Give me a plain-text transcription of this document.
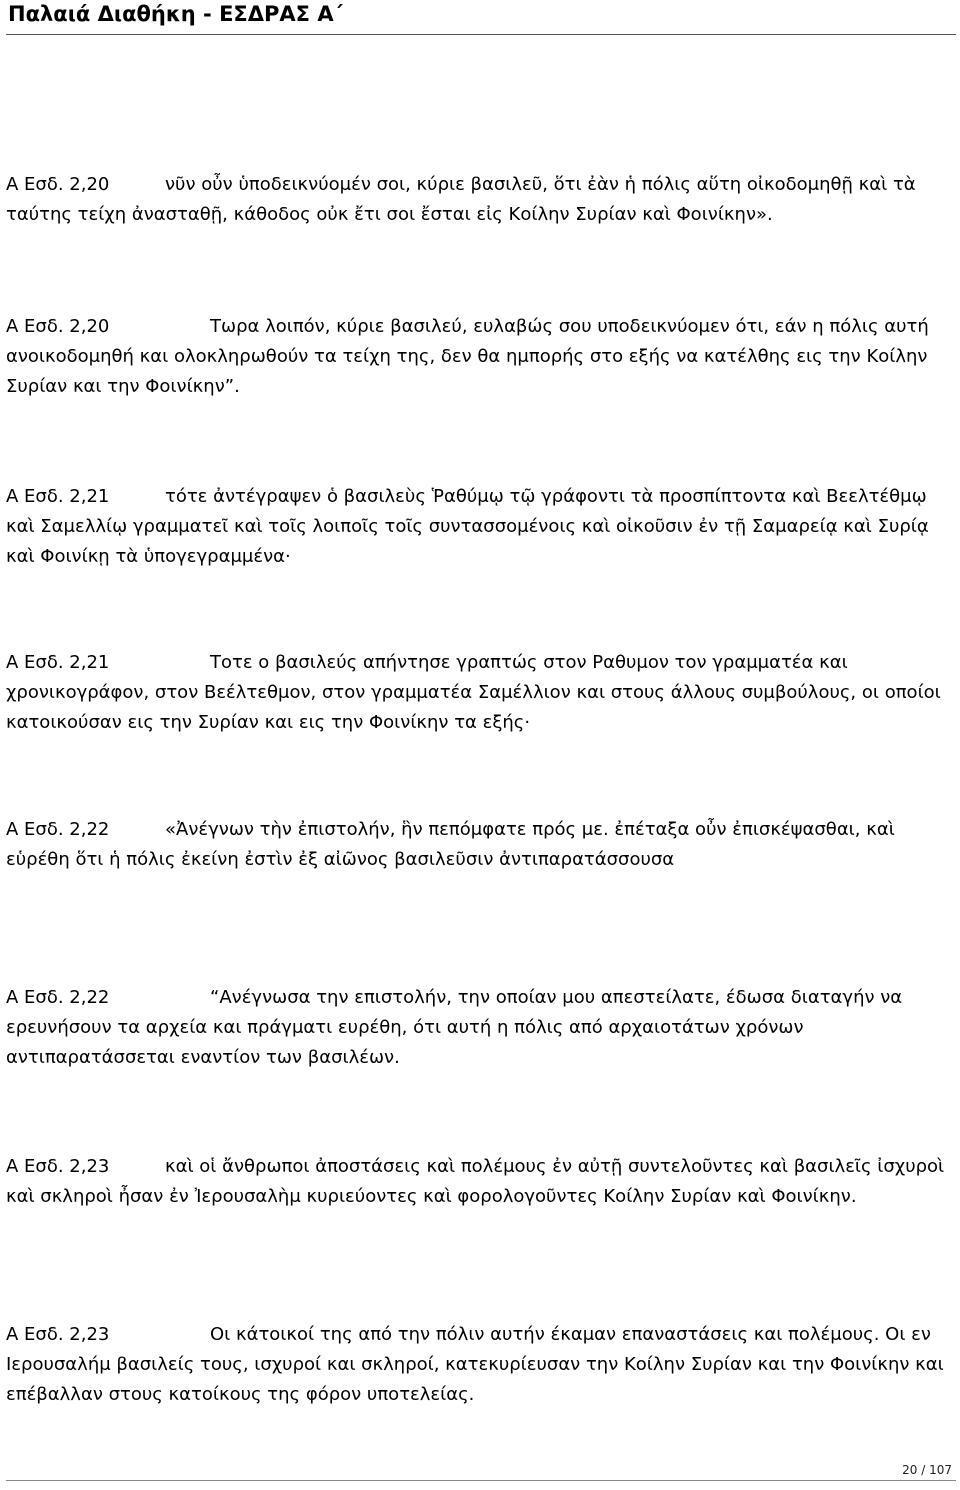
Παλαιά Διαθήκη - ΕΣΔΡΑΣ Α΄

Α Εσδ. 2,20	νῦν οὖν ὑποδεικνύομέν σοι, κύριε βασιλεῦ, ὅτι ἐὰν ἡ πόλις αὕτη οἰκοδομηθῇ καὶ τὰ ταύτης τείχη ἀνασταθῇ, κάθοδος οὐκ ἔτι σοι ἔσται εἰς Κοίλην Συρίαν καὶ Φοινίκην».

Α Εσδ. 2,20	Τωρα λοιπόν, κύριε βασιλεύ, ευλαβώς σου υποδεικνύομεν ότι, εάν η πόλις αυτή ανοικοδομηθή και ολοκληρωθούν τα τείχη της, δεν θα ημπορής στο εξής να κατέλθης εις την Κοίλην Συρίαν και την Φοινίκην”.

Α Εσδ. 2,21	τότε ἀντέγραψεν ὁ βασιλεὺς Ῥαθύμῳ τῷ γράφοντι τὰ προσπίπτοντα καὶ Βεελτέθμῳ καὶ Σαμελλίῳ γραμματεῖ καὶ τοῖς λοιποῖς τοῖς συντασσομένοις καὶ οἰκοῦσιν ἐν τῇ Σαμαρείᾳ καὶ Συρίᾳ καὶ Φοινίκῃ τὰ ὑπογεγραμμένα·

Α Εσδ. 2,21	Τοτε ο βασιλεύς απήντησε γραπτώς στον Ραθυμον τον γραμματέα και χρονικογράφον, στον Βεέλτεθμον, στον γραμματέα Σαμέλλιον και στους άλλους συμβούλους, οι οποίοι κατοικούσαν εις την Συρίαν και εις την Φοινίκην τα εξής·

Α Εσδ. 2,22	«Ἀνέγνων τὴν ἐπιστολήν, ἣν πεπόμφατε πρός με. ἐπέταξα οὖν ἐπισκέψασθαι, καὶ εὑρέθη ὅτι ἡ πόλις ἐκείνη ἐστὶν ἐξ αἰῶνος βασιλεῦσιν ἀντιπαρατάσσουσα

Α Εσδ. 2,22	“Ανέγνωσα την επιστολήν, την οποίαν μου απεστείλατε, έδωσα διαταγήν να ερευνήσουν τα αρχεία και πράγματι ευρέθη, ότι αυτή η πόλις από αρχαιοτάτων χρόνων αντιπαρατάσσεται εναντίον των βασιλέων.

Α Εσδ. 2,23	καὶ οἱ ἄνθρωποι ἀποστάσεις καὶ πολέμους ἐν αὐτῇ συντελοῦντες καὶ βασιλεῖς ἰσχυροὶ καὶ σκληροὶ ἦσαν ἐν Ἰερουσαλὴμ κυριεύοντες καὶ φορολογοῦντες Κοίλην Συρίαν καὶ Φοινίκην.

Α Εσδ. 2,23	Οι κάτοικοί της από την πόλιν αυτήν έκαμαν επαναστάσεις και πολέμους. Οι εν Ιερουσαλήμ βασιλείς τους, ισχυροί και σκληροί, κατεκυρίευσαν την Κοίλην Συρίαν και την Φοινίκην και επέβαλλαν στους κατοίκους της φόρον υποτελείας.

20 / 107
